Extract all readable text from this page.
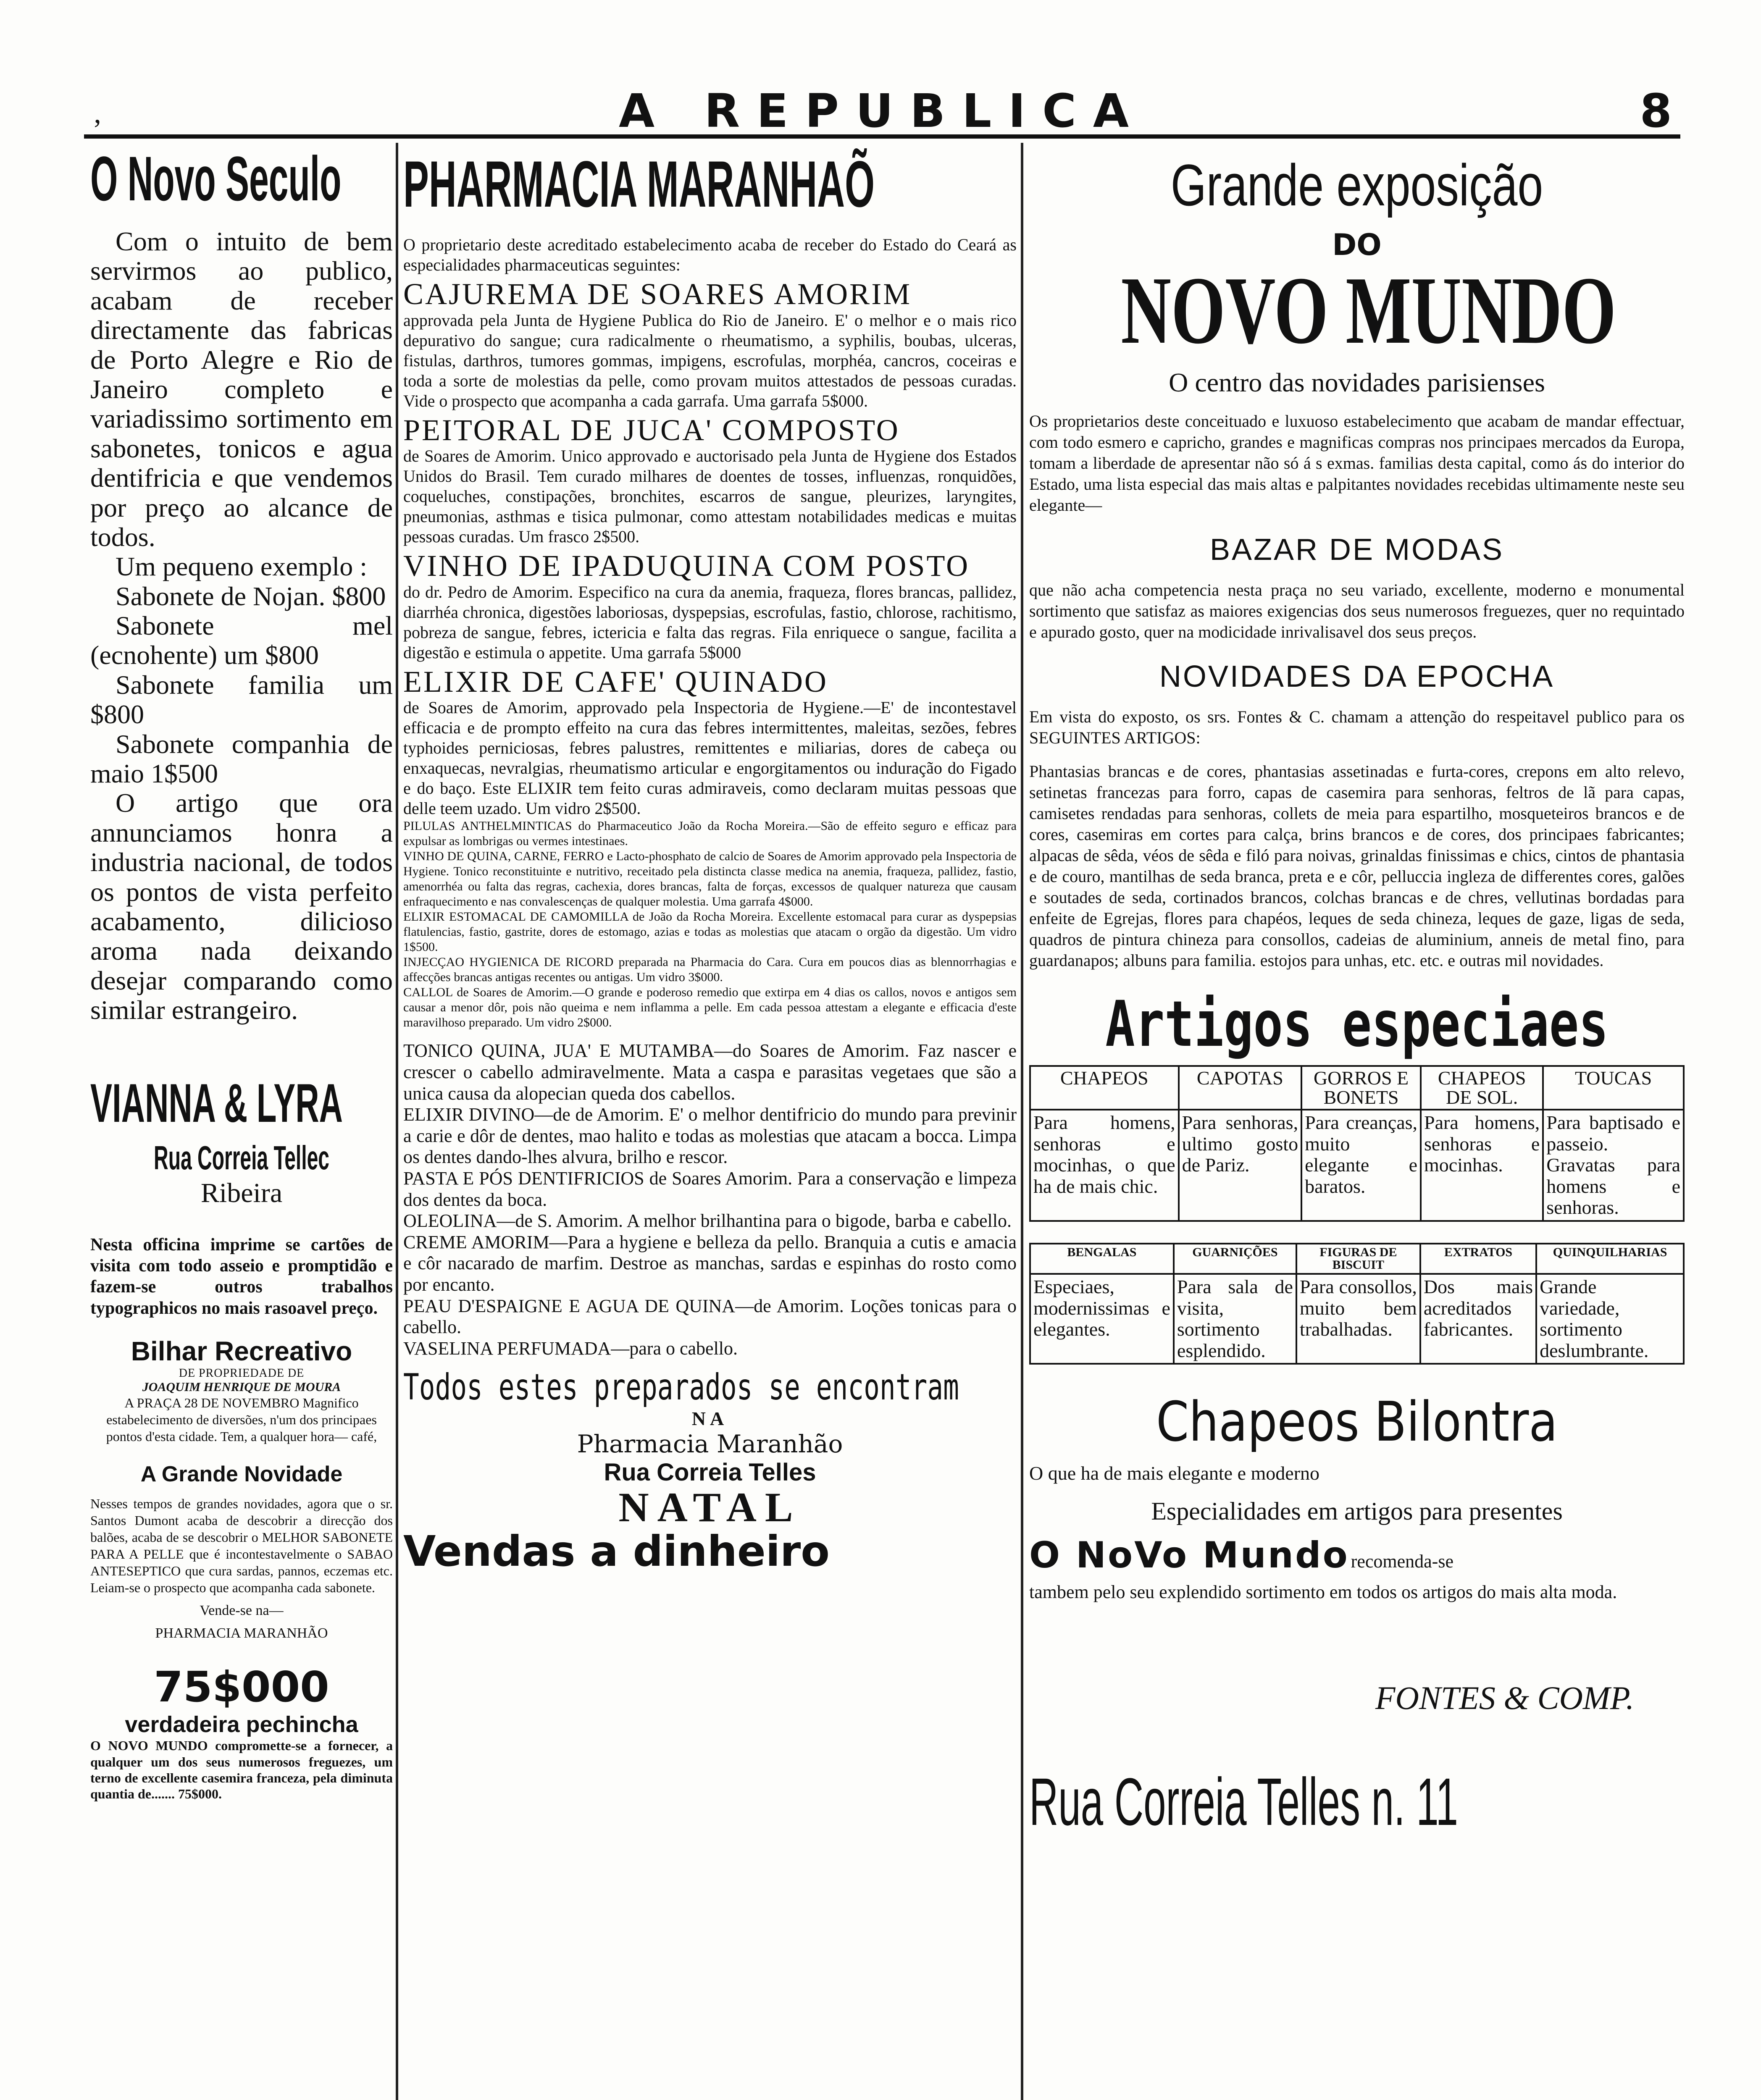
‚	A REPUBLICA	8
O Novo Seculo

Com o intuito de bem servirmos ao publico, acabam de receber directamente das fabricas de Porto Alegre e Rio de Janeiro completo e variadissimo sortimento em sabonetes, tonicos e agua dentifricia e que vendemos por preço ao alcance de todos.

Um pequeno exemplo :

Sabonete de Nojan. $800

Sabonete mel (ecnohente) um $800

Sabonete familia um $800

Sabonete companhia de maio 1$500

O artigo que ora annunciamos honra a industria nacional, de todos os pontos de vista perfeito acabamento, dilicioso aroma nada deixando desejar comparando como similar estrangeiro.

VIANNA & LYRA
Rua Correia Tellec
Ribeira
Nesta officina imprime se cartões de visita com todo asseio e promptidão e fazem-se outros trabalhos typographicos no mais rasoavel preço.
Bilhar Recreativo
DE PROPRIEDADE DE
JOAQUIM HENRIQUE DE MOURA
A PRAÇA 28 DE NOVEMBRO Magnifico estabelecimento de diversões, n'um dos principaes pontos d'esta cidade. Tem, a qualquer hora— café,
A Grande Novidade
Nesses tempos de grandes novidades, agora que o sr. Santos Dumont acaba de descobrir a direcção dos balões, acaba de se descobrir o MELHOR SABONETE PARA A PELLE que é incontestavelmente o SABAO ANTESEPTICO que cura sardas, pannos, eczemas etc. Leiam-se o prospecto que acompanha cada sabonete.
Vende-se na—
PHARMACIA MARANHÃO
75$000
verdadeira pechincha
O NOVO MUNDO compromette-se a fornecer, a qualquer um dos seus numerosos freguezes, um terno de excellente casemira franceza, pela diminuta quantia de....... 75$000.
PHARMACIA MARANHAÕ
O proprietario deste acreditado estabelecimento acaba de receber do Estado do Ceará as especialidades pharmaceuticas seguintes:
CAJUREMA DE SOARES AMORIM
approvada pela Junta de Hygiene Publica do Rio de Janeiro. E' o melhor e o mais rico depurativo do sangue; cura radicalmente o rheumatismo, a syphilis, boubas, ulceras, fistulas, darthros, tumores gommas, impigens, escrofulas, morphéa, cancros, coceiras e toda a sorte de molestias da pelle, como provam muitos attestados de pessoas curadas. Vide o prospecto que acompanha a cada garrafa. Uma garrafa 5$000.
PEITORAL DE JUCA' COMPOSTO
de Soares de Amorim. Unico approvado e auctorisado pela Junta de Hygiene dos Estados Unidos do Brasil. Tem curado milhares de doentes de tosses, influenzas, ronquidões, coqueluches, constipações, bronchites, escarros de sangue, pleurizes, laryngites, pneumonias, asthmas e tisica pulmonar, como attestam notabilidades medicas e muitas pessoas curadas. Um frasco 2$500.
VINHO DE IPADUQUINA COM POSTO
do dr. Pedro de Amorim. Especifico na cura da anemia, fraqueza, flores brancas, pallidez, diarrhéa chronica, digestões laboriosas, dyspepsias, escrofulas, fastio, chlorose, rachitismo, pobreza de sangue, febres, ictericia e falta das regras. Fila enriquece o sangue, facilita a digestão e estimula o appetite. Uma garrafa 5$000
ELIXIR DE CAFE' QUINADO
de Soares de Amorim, approvado pela Inspectoria de Hygiene.—E' de incontestavel efficacia e de prompto effeito na cura das febres intermittentes, maleitas, sezões, febres typhoides perniciosas, febres palustres, remittentes e miliarias, dores de cabeça ou enxaquecas, nevralgias, rheumatismo articular e engorgitamentos ou induração do Figado e do baço. Este ELIXIR tem feito curas admiraveis, como declaram muitas pessoas que delle teem uzado. Um vidro 2$500.
PILULAS ANTHELMINTICAS do Pharmaceutico João da Rocha Moreira.—São de effeito seguro e efficaz para expulsar as lombrigas ou vermes intestinaes.
VINHO DE QUINA, CARNE, FERRO e Lacto-phosphato de calcio de Soares de Amorim approvado pela Inspectoria de Hygiene. Tonico reconstituinte e nutritivo, receitado pela distincta classe medica na anemia, fraqueza, pallidez, fastio, amenorrhéa ou falta das regras, cachexia, dores brancas, falta de forças, excessos de qualquer natureza que causam enfraquecimento e nas convalescenças de qualquer molestia. Uma garrafa 4$000.
ELIXIR ESTOMACAL DE CAMOMILLA de João da Rocha Moreira. Excellente estomacal para curar as dyspepsias flatulencias, fastio, gastrite, dores de estomago, azias e todas as molestias que atacam o orgão da digestão. Um vidro 1$500.
INJECÇAO HYGIENICA DE RICORD preparada na Pharmacia do Cara. Cura em poucos dias as blennorrhagias e affecções brancas antigas recentes ou antigas. Um vidro 3$000.
CALLOL de Soares de Amorim.—O grande e poderoso remedio que extirpa em 4 dias os callos, novos e antigos sem causar a menor dôr, pois não queima e nem inflamma a pelle. Em cada pessoa attestam a elegante e efficacia d'este maravilhoso preparado. Um vidro 2$000.
TONICO QUINA, JUA' E MUTAMBA—do Soares de Amorim. Faz nascer e crescer o cabello admiravelmente. Mata a caspa e parasitas vegetaes que são a unica causa da alopecian queda dos cabellos.
ELIXIR DIVINO—de de Amorim. E' o melhor dentifricio do mundo para previnir a carie e dôr de dentes, mao halito e todas as molestias que atacam a bocca. Limpa os dentes dando-lhes alvura, brilho e rescor.
PASTA E PÓS DENTIFRICIOS de Soares Amorim. Para a conservação e limpeza dos dentes da boca.
OLEOLINA—de S. Amorim. A melhor brilhantina para o bigode, barba e cabello.
CREME AMORIM—Para a hygiene e belleza da pello. Branquia a cutis e amacia e côr nacarado de marfim. Destroe as manchas, sardas e espinhas do rosto como por encanto.
PEAU D'ESPAIGNE E AGUA DE QUINA—de Amorim. Loções tonicas para o cabello.
VASELINA PERFUMADA—para o cabello.
Todos estes preparados se encontram
NA
Pharmacia Maranhão
Rua Correia Telles
NATAL
Vendas a dinheiro
Grande exposição
DO
NOVO MUNDO
O centro das novidades parisienses
Os proprietarios deste conceituado e luxuoso estabelecimento que acabam de mandar effectuar, com todo esmero e capricho, grandes e magnificas compras nos principaes mercados da Europa, tomam a liberdade de apresentar não só á s exmas. familias desta capital, como ás do interior do Estado, uma lista especial das mais altas e palpitantes novidades recebidas ultimamente neste seu elegante—
BAZAR DE MODAS
que não acha competencia nesta praça no seu variado, excellente, moderno e monumental sortimento que satisfaz as maiores exigencias dos seus numerosos freguezes, quer no requintado e apurado gosto, quer na modicidade inrivalisavel dos seus preços.
NOVIDADES DA EPOCHA
Em vista do exposto, os srs. Fontes & C. chamam a attenção do respeitavel publico para os SEGUINTES ARTIGOS:
Phantasias brancas e de cores, phantasias assetinadas e furta-cores, crepons em alto relevo, setinetas francezas para forro, capas de casemira para senhoras, feltros de lã para capas, camisetes rendadas para senhoras, collets de meia para espartilho, mosqueteiros brancos e de cores, casemiras em cortes para calça, brins brancos e de cores, dos principaes fabricantes; alpacas de sêda, véos de sêda e filó para noivas, grinaldas finissimas e chics, cintos de phantasia e de couro, mantilhas de seda branca, preta e e côr, pelluccia ingleza de differentes cores, galões e soutades de seda, cortinados brancos, colchas brancas e de chres, vellutinas bordadas para enfeite de Egrejas, flores para chapéos, leques de seda chineza, leques de gaze, ligas de seda, quadros de pintura chineza para consollos, cadeias de aluminium, anneis de metal fino, para guardanapos; albuns para familia. estojos para unhas, etc. etc. e outras mil novidades.
Artigos especiaes
CHAPEOS	CAPOTAS	GORROS E BONETS	CHAPEOS DE SOL.	TOUCAS
Para homens, senhoras e mocinhas, o que ha de mais chic.	Para senhoras, ultimo gosto de Pariz.	Para creanças, muito elegante e baratos.	Para homens, senhoras e mocinhas.	Para baptisado e passeio. Gravatas para homens e senhoras.
BENGALAS	GUARNIÇÕES	FIGURAS DE BISCUIT	EXTRATOS	QUINQUILHARIAS
Especiaes, modernissimas e elegantes.	Para sala de visita, sortimento esplendido.	Para consollos, muito bem trabalhadas.	Dos mais acreditados fabricantes.	Grande variedade, sortimento deslumbrante.
Chapeos Bilontra
O que ha de mais elegante e moderno
Especialidades em artigos para presentes
O NoVo Mundo recomenda-se
tambem pelo seu explendido sortimento em todos os artigos do mais alta moda.
FONTES & COMP.
Rua Correia Telles n. 11
